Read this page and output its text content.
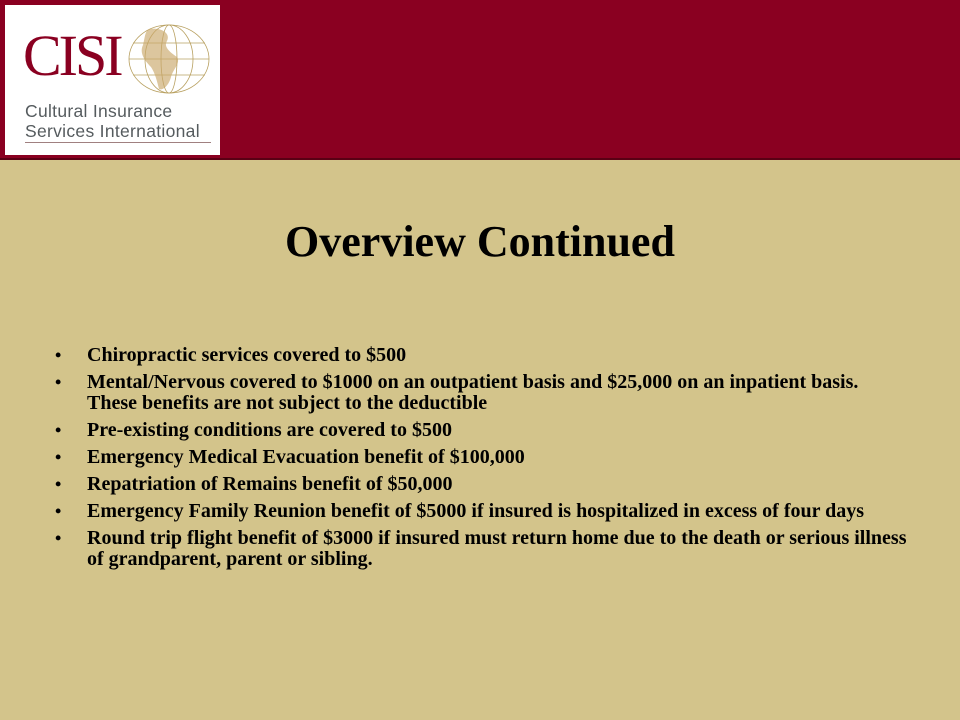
CISI
Cultural Insurance
Services International
Overview Continued
• Chiropractic services covered to $500
• Mental/Nervous covered to $1000 on an outpatient basis and $25,000 on an inpatient basis. These benefits are not subject to the deductible
• Pre-existing conditions are covered to $500
• Emergency Medical Evacuation benefit of $100,000
• Repatriation of Remains benefit of $50,000
• Emergency Family Reunion benefit of $5000 if insured is hospitalized in excess of four days
• Round trip flight benefit of $3000 if insured must return home due to the death or serious illness of grandparent, parent or sibling.
